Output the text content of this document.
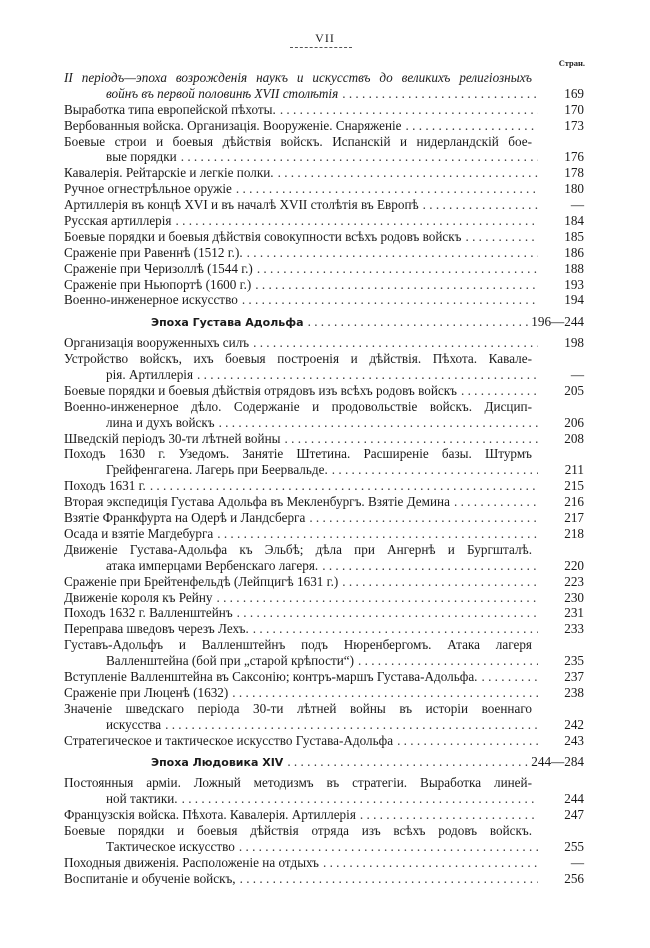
VII
Стран.
II періодъ—эпоха возрожденія наукъ и искусствъ до великихъ религіозныхъ
войнъ въ первой половинѣ XVII столѣтія . . .	169
Выработка типа европейской пѣхоты. . . .	170
Вербованныя войска. Организація. Вооруженіе. Снаряженіе . . .	173
Боевые строи и боевыя дѣйствія войскъ. Испанскій и нидерландскій бое-
вые порядки . . .	176
Кавалерія. Рейтарскіе и легкіе полки. . . .	178
Ручное огнестрѣльное оружіе . . .	180
Артиллерія въ концѣ XVI и въ началѣ XVII столѣтія въ Европѣ . . .	—
Русская артиллерія . . .	184
Боевые порядки и боевыя дѣйствія совокупности всѣхъ родовъ войскъ . . .	185
Сраженіе при Равеннѣ (1512 г.). . . .	186
Сраженіе при Черизоллѣ (1544 г.) . . .	188
Сраженіе при Ньюпортѣ (1600 г.) . . .	193
Военно-инженерное искусство . . .	194
Эпоха Густава Адольфа . . .	196—244
Организація вооруженныхъ силъ . . .	198
Устройство войскъ, ихъ боевыя построенія и дѣйствія. Пѣхота. Кавале-
рія. Артиллерія . . .	—
Боевые порядки и боевыя дѣйствія отрядовъ изъ всѣхъ родовъ войскъ . . .	205
Военно-инженерное дѣло. Содержаніе и продовольствіе войскъ. Дисцип-
лина и духъ войскъ . . .	206
Шведскій періодъ 30-ти лѣтней войны . . .	208
Походъ 1630 г. Узедомъ. Занятіе Штетина. Расширеніе базы. Штурмъ
Грейфенгагена. Лагерь при Беервальде. . . .	211
Походъ 1631 г. . . .	215
Вторая экспедиція Густава Адольфа въ Мекленбургъ. Взятіе Демина . . .	216
Взятіе Франкфурта на Одерѣ и Ландсберга . . .	217
Осада и взятіе Магдебурга . . .	218
Движеніе Густава-Адольфа къ Эльбѣ; дѣла при Ангернѣ и Бургшталѣ.
атака имперцами Вербенскаго лагеря. . . .	220
Сраженіе при Брейтенфельдѣ (Лейпцигѣ 1631 г.) . . .	223
Движеніе короля къ Рейну . . .	230
Походъ 1632 г. Валленштейнъ . . .	231
Переправа шведовъ черезъ Лехъ. . . .	233
Густавъ-Адольфъ и Валленштейнъ подъ Нюренбергомъ. Атака лагеря
Валленштейна (бой при „старой крѣпости“) . . .	235
Вступленіе Валленштейна въ Саксонію; контръ-маршъ Густава-Адольфа. . . .	237
Сраженіе при Люценѣ (1632) . . .	238
Значеніе шведскаго періода 30-ти лѣтней войны въ исторіи военнаго
искусства . . .	242
Стратегическое и тактическое искусство Густава-Адольфа . . .	243
Эпоха Людовика XIV . . .	244—284
Постоянныя арміи. Ложный методизмъ въ стратегіи. Выработка линей-
ной тактики. . . .	244
Французскія войска. Пѣхота. Кавалерія. Артиллерія . . .	247
Боевые порядки и боевыя дѣйствія отряда изъ всѣхъ родовъ войскъ.
Тактическое искусство . . .	255
Походныя движенія. Расположеніе на отдыхъ . . .	—
Воспитаніе и обученіе войскъ, . . .	256
